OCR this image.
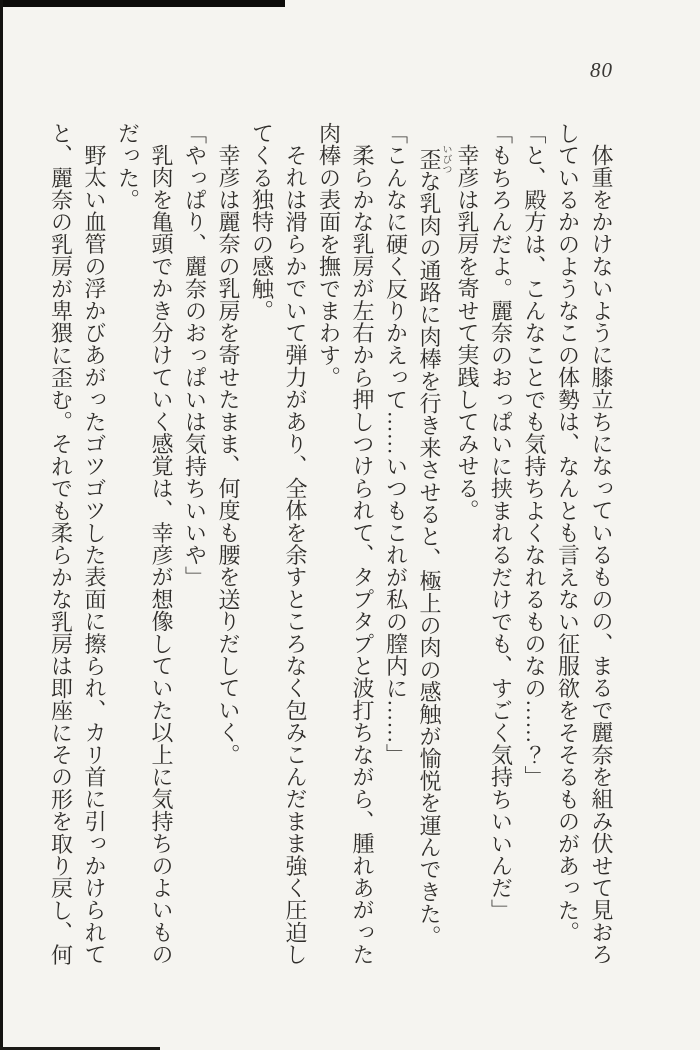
80

体重をかけないように膝立ちになっているものの、まるで麗奈を組み伏せて見おろ

しているかのようなこの体勢は、なんとも言えない征服欲をそそるものがあった。

「と、殿方は、こんなことでも気持ちよくなれるものなの……？」

「もちろんだよ。麗奈のおっぱいに挟まれるだけでも、すごく気持ちいいんだ」

幸彦は乳房を寄せて実践してみせる。

歪いびつな乳肉の通路に肉棒を行き来させると、極上の肉の感触が愉悦を運んできた。

「こんなに硬く反りかえって……いつもこれが私の膣内に……」

柔らかな乳房が左右から押しつけられて、タプタプと波打ちながら、腫れあがった

肉棒の表面を撫でまわす。

それは滑らかでいて弾力があり、全体を余すところなく包みこんだまま強く圧迫し

てくる独特の感触。

幸彦は麗奈の乳房を寄せたまま、何度も腰を送りだしていく。

「やっぱり、麗奈のおっぱいは気持ちいいや」

乳肉を亀頭でかき分けていく感覚は、幸彦が想像していた以上に気持ちのよいもの

だった。

野太い血管の浮かびあがったゴツゴツした表面に擦られ、カリ首に引っかけられて

と、麗奈の乳房が卑猥に歪む。それでも柔らかな乳房は即座にその形を取り戻し、何
